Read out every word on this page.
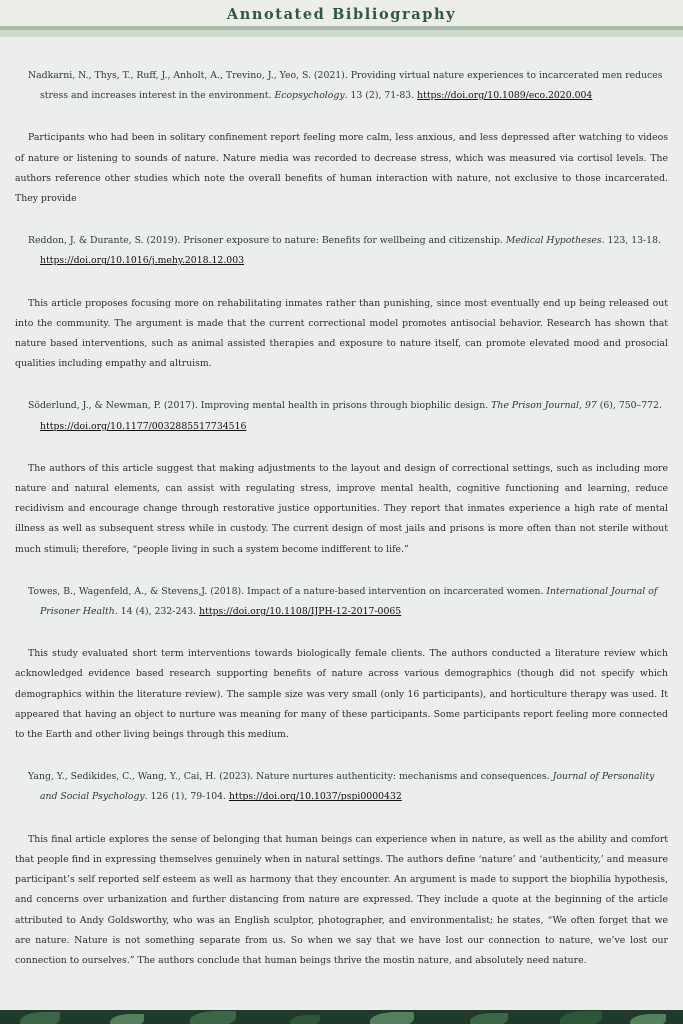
Annotated Bibliography

Nadkarni, N., Thys, T., Ruff, J., Anholt, A., Trevino, J., Yeo, S. (2021). Providing virtual nature experiences to incarcerated men reduces stress and increases interest in the environment. Ecopsychology. 13 (2), 71-83. https://doi.org/10.1089/eco.2020.004

Participants who had been in solitary confinement report feeling more calm, less anxious, and less depressed after watching to videos of nature or listening to sounds of nature. Nature media was recorded to decrease stress, which was measured via cortisol levels. The authors reference other studies which note the overall benefits of human interaction with nature, not exclusive to those incarcerated. They provide

Reddon, J. & Durante, S. (2019). Prisoner exposure to nature: Benefits for wellbeing and citizenship. Medical Hypotheses. 123, 13-18. https://doi.org/10.1016/j.mehy.2018.12.003

This article proposes focusing more on rehabilitating inmates rather than punishing, since most eventually end up being released out into the community. The argument is made that the current correctional model promotes antisocial behavior. Research has shown that nature based interventions, such as animal assisted therapies and exposure to nature itself, can promote elevated mood and prosocial qualities including empathy and altruism.

Söderlund, J., & Newman, P. (2017). Improving mental health in prisons through biophilic design. The Prison Journal, 97 (6), 750–772. https://doi.org/10.1177/0032885517734516

The authors of this article suggest that making adjustments to the layout and design of correctional settings, such as including more nature and natural elements, can assist with regulating stress, improve mental health, cognitive functioning and learning, reduce recidivism and encourage change through restorative justice opportunities. They report that inmates experience a high rate of mental illness as well as subsequent stress while in custody. The current design of most jails and prisons is more often than not sterile without much stimuli; therefore, “people living in such a system become indifferent to life.”

Towes, B., Wagenfeld, A., & Stevens,J. (2018). Impact of a nature-based intervention on incarcerated women. International Journal of Prisoner Health. 14 (4), 232-243. https://doi.org/10.1108/IJPH-12-2017-0065

This study evaluated short term interventions towards biologically female clients. The authors conducted a literature review which acknowledged evidence based research supporting benefits of nature across various demographics (though did not specify which demographics within the literature review). The sample size was very small (only 16 participants), and horticulture therapy was used. It appeared that having an object to nurture was meaning for many of these participants. Some participants report feeling more connected to the Earth and other living beings through this medium.

Yang, Y., Sedikides, C., Wang, Y., Cai, H. (2023). Nature nurtures authenticity: mechanisms and consequences. Journal of Personality and Social Psychology. 126 (1), 79-104. https://doi.org/10.1037/pspi0000432

This final article explores the sense of belonging that human beings can experience when in nature, as well as the ability and comfort that people find in expressing themselves genuinely when in natural settings. The authors define ‘nature’ and ‘authenticity,’ and measure participant’s self reported self esteem as well as harmony that they encounter. An argument is made to support the biophilia hypothesis, and concerns over urbanization and further distancing from nature are expressed. They include a quote at the beginning of the article attributed to Andy Goldsworthy, who was an English sculptor, photographer, and environmentalist; he states, “We often forget that we are nature. Nature is not something separate from us. So when we say that we have lost our connection to nature, we’ve lost our connection to ourselves.” The authors conclude that human beings thrive the mostin nature, and absolutely need nature.
